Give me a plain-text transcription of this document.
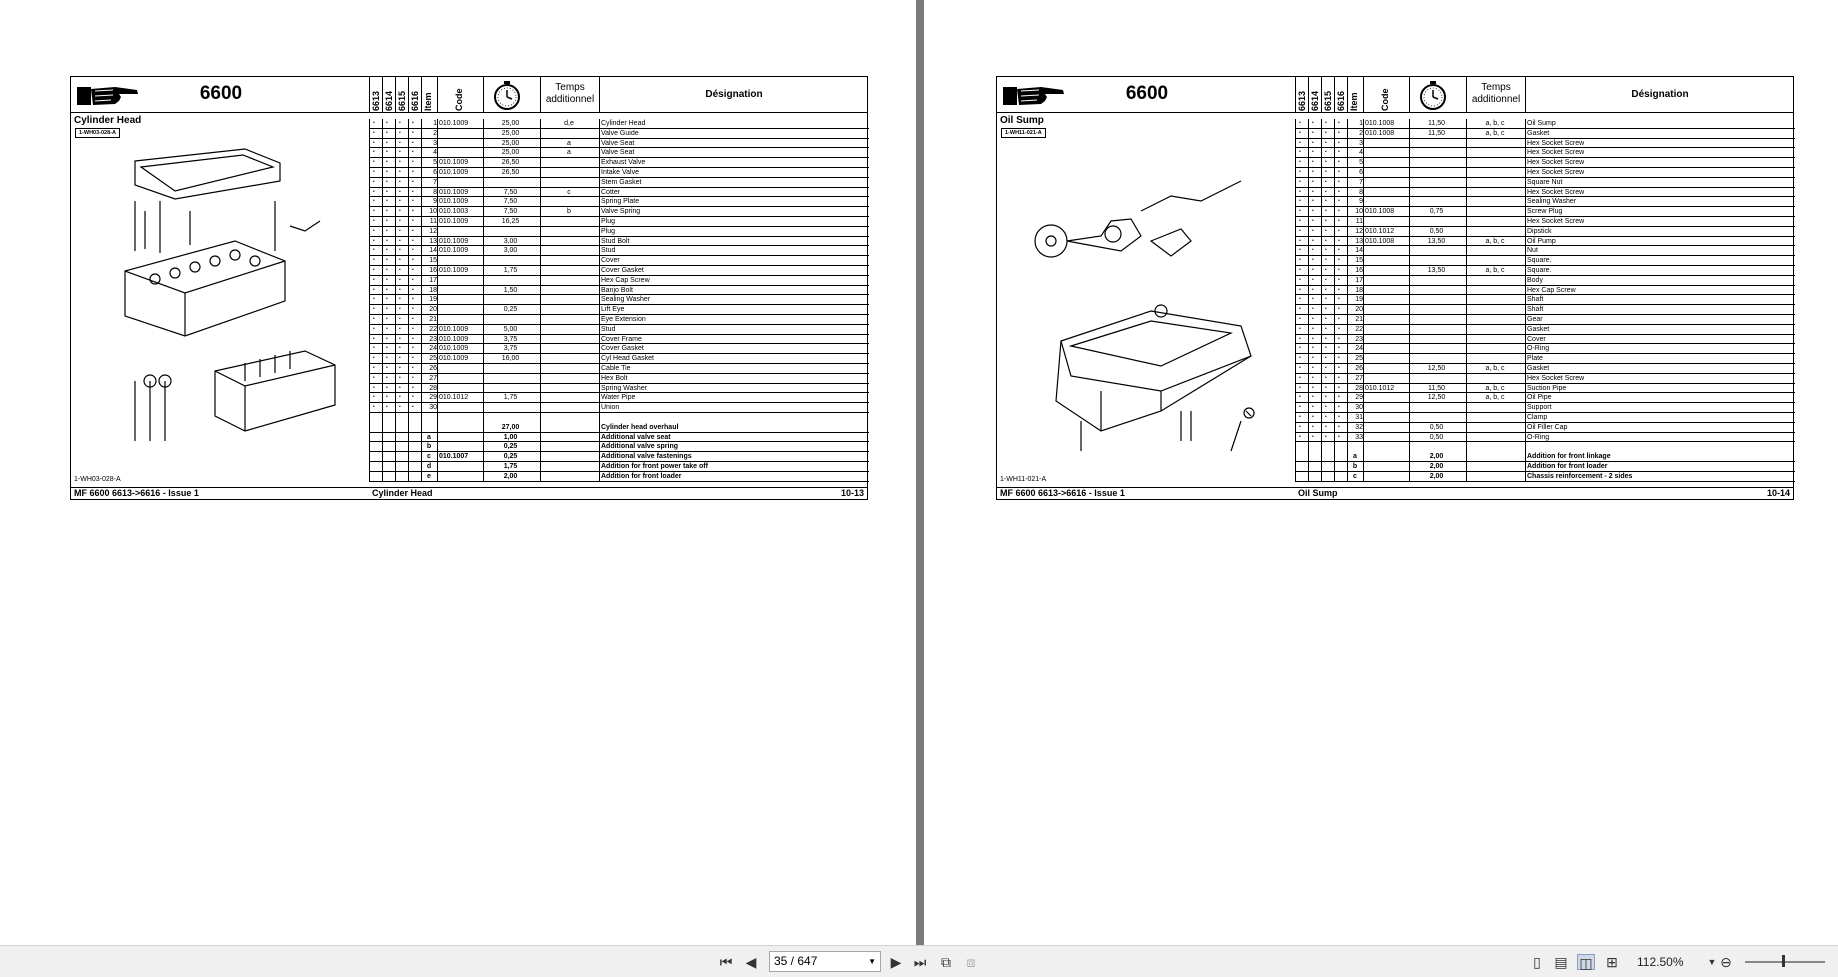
6600	6613 6614 6615 6616 Item Code
Temps
additionnel	Désignation
Cylinder Head
1-WH03-028-A
1-WH03-028-A
• • • •	1 010.1009	25,00	d,e	Cylinder Head
• • • •	2	25,00	Valve Guide
• • • •	3	25,00	a	Valve Seat
• • • •	4	25,00	a	Valve Seat
• • • •	5 010.1009	26,50	Exhaust Valve
• • • •	6 010.1009	26,50	Intake Valve
• • • •	7	Stem Gasket
• • • •	8 010.1009	7,50	c	Cotter
• • • •	9 010.1009	7,50	Spring Plate
• • • •	10 010.1003	7,50	b	Valve Spring
• • • •	11 010.1009	16,25	Plug
• • • •	12	Plug
• • • •	13 010.1009	3,00	Stud Bolt
• • • •	14 010.1009	3,00	Stud
• • • •	15	Cover
• • • •	16 010.1009	1,75	Cover Gasket
• • • •	17	Hex Cap Screw
• • • •	18	1,50	Banjo Bolt
• • • •	19	Sealing Washer
• • • •	20	0,25	Lift Eye
• • • •	21	Eye Extension
• • • •	22 010.1009	5,00	Stud
• • • •	23 010.1009	3,75	Cover Frame
• • • •	24 010.1009	3,75	Cover Gasket
• • • •	25 010.1009	16,00	Cyl Head Gasket
• • • •	26	Cable Tie
• • • •	27	Hex Bolt
• • • •	28	Spring Washer
• • • •	29 010.1012	1,75	Water Pipe
• • • •	30	Union
27,00	Cylinder head overhaul
a	1,00	Additional valve seat
b	0,25	Additional valve spring
c	010.1007	0,25	Additional valve fastenings
d	1,75	Addition for front power take off
e	2,00	Addition for front loader
MF 6600 6613->6616 - Issue 1	Cylinder Head	10-13
6600	6613 6614 6615 6616 Item Code
Temps
additionnel	Désignation
Oil Sump
1-WH11-021-A
1-WH11-021-A
• • • •	1 010.1008	11,50	a, b, c	Oil Sump
• • • •	2 010.1008	11,50	a, b, c	Gasket
• • • •	3	Hex Socket Screw
• • • •	4	Hex Socket Screw
• • • •	5	Hex Socket Screw
• • • •	6	Hex Socket Screw
• • • •	7	Square Nut
• • • •	8	Hex Socket Screw
• • • •	9	Sealing Washer
• • • •	10 010.1008	0,75	Screw Plug
• • • •	11	Hex Socket Screw
• • • •	12 010.1012	0,50	Dipstick
• • • •	13 010.1008	13,50	a, b, c	Oil Pump
• • • •	14	Nut
• • • •	15	Square.
• • • •	16	13,50	a, b, c	Square.
• • • •	17	Body
• • • •	18	Hex Cap Screw
• • • •	19	Shaft
• • • •	20	Shaft
• • • •	21	Gear
• • • •	22	Gasket
• • • •	23	Cover
• • • •	24	O-Ring
• • • •	25	Plate
• • • •	26	12,50	a, b, c	Gasket
• • • •	27	Hex Socket Screw
• • • •	28 010.1012	11,50	a, b, c	Suction Pipe
• • • •	29	12,50	a, b, c	Oil Pipe
• • • •	30	Support
• • • •	31	Clamp
• • • •	32	0,50	Oil Filler Cap
• • • •	33	0,50	O-Ring
a	2,00	Addition for front linkage
b	2,00	Addition for front loader
c	2,00	Chassis reinforcement - 2 sides
MF 6600 6613->6616 - Issue 1	Oil Sump	10-14
⏮ ◀	35 / 647	▼ ▶ ⏭ ⧉	⧈	▯ ▤ ◫ ⊞ 112.50%	▼ ⊖
